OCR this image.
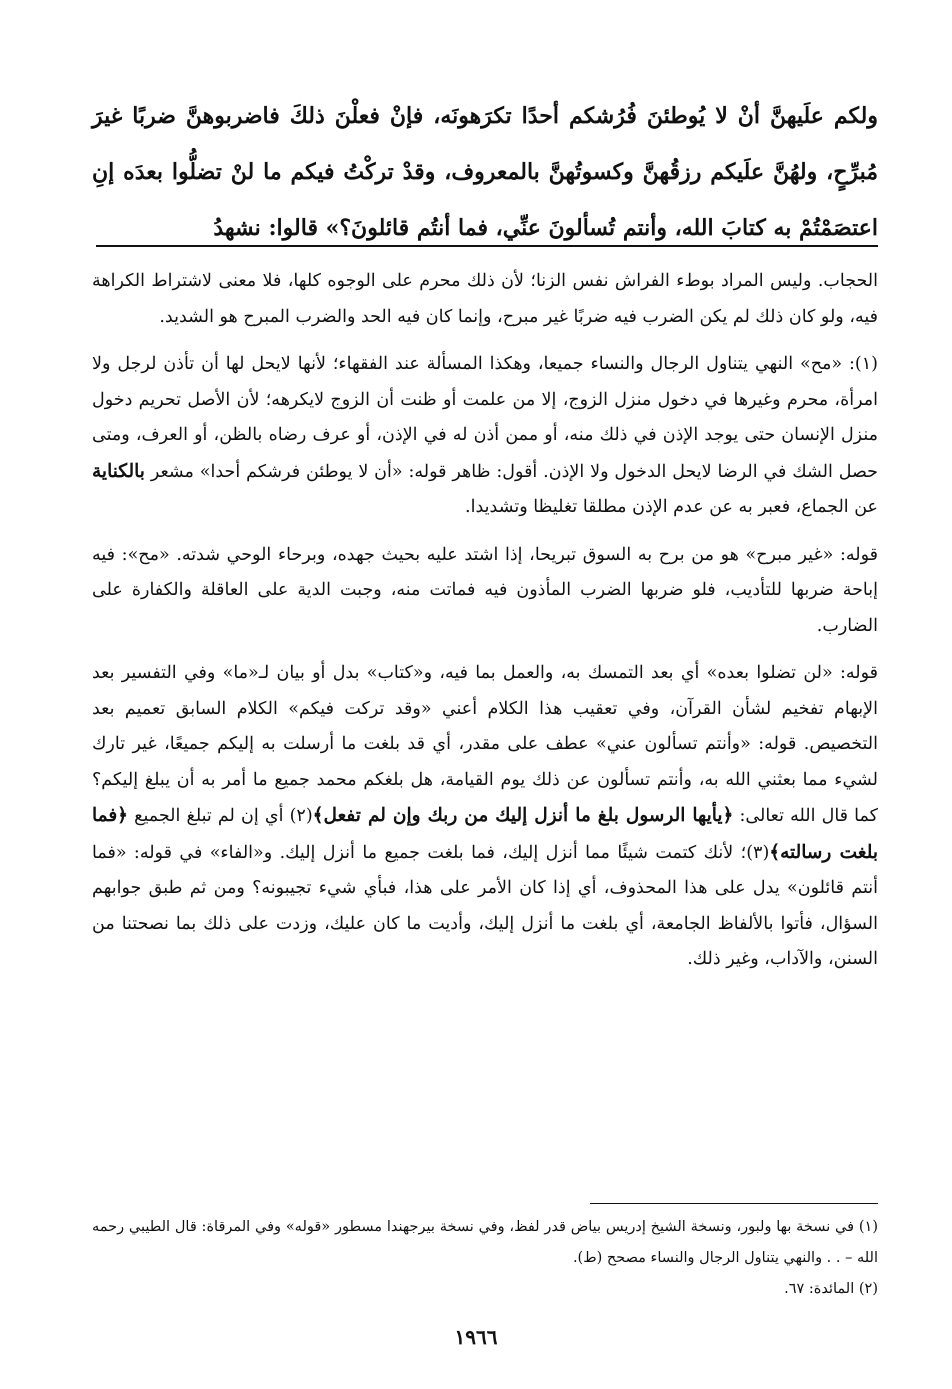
ولكم علَيهنَّ أنْ لا يُوطئنَ فُرُشكم أحدًا تكرَهونَه، فإنْ فعلْنَ ذلكَ فاضربوهنَّ ضربًا غيرَ مُبرِّحٍ، ولهُنَّ علَيكم رزقُهنَّ وكسوتُهنَّ بالمعروف، وقدْ تركْتُ فيكم ما لنْ تضلُّوا بعدَه إنِ اعتصَمْتُمْ به كتابَ الله، وأنتم تُسألونَ عنِّي، فما أنتُم قائلونَ؟» قالوا: نشهدُ

الحجاب. وليس المراد بوطء الفراش نفس الزنا؛ لأن ذلك محرم على الوجوه كلها، فلا معنى لاشتراط الكراهة فيه، ولو كان ذلك لم يكن الضرب فيه ضربًا غير مبرح، وإنما كان فيه الحد والضرب المبرح هو الشديد.

(١): «مح» النهي يتناول الرجال والنساء جميعا، وهكذا المسألة عند الفقهاء؛ لأنها لايحل لها أن تأذن لرجل ولا امرأة، محرم وغيرها في دخول منزل الزوج، إلا من علمت أو ظنت أن الزوج لايكرهه؛ لأن الأصل تحريم دخول منزل الإنسان حتى يوجد الإذن في ذلك منه، أو ممن أذن له في الإذن، أو عرف رضاه بالظن، أو العرف، ومتى حصل الشك في الرضا لايحل الدخول ولا الإذن. أقول: ظاهر قوله: «أن لا يوطئن فرشكم أحدا» مشعر بالكناية عن الجماع، فعبر به عن عدم الإذن مطلقا تغليظا وتشديدا.

قوله: «غير مبرح» هو من برح به السوق تبريحا، إذا اشتد عليه بحيث جهده، وبرحاء الوحي شدته. «مح»: فيه إباحة ضربها للتأديب، فلو ضربها الضرب المأذون فيه فماتت منه، وجبت الدية على العاقلة والكفارة على الضارب.

قوله: «لن تضلوا بعده» أي بعد التمسك به، والعمل بما فيه، و«كتاب» بدل أو بيان لـ«ما» وفي التفسير بعد الإبهام تفخيم لشأن القرآن، وفي تعقيب هذا الكلام أعني «وقد تركت فيكم» الكلام السابق تعميم بعد التخصيص. قوله: «وأنتم تسألون عني» عطف على مقدر، أي قد بلغت ما أرسلت به إليكم جميعًا، غير تارك لشيء مما بعثني الله به، وأنتم تسألون عن ذلك يوم القيامة، هل بلغكم محمد جميع ما أمر به أن يبلغ إليكم؟ كما قال الله تعالى: ﴿يأيها الرسول بلغ ما أنزل إليك من ربك وإن لم تفعل﴾(٢) أي إن لم تبلغ الجميع ﴿فما بلغت رسالته﴾(٣)؛ لأنك كتمت شيئًا مما أنزل إليك، فما بلغت جميع ما أنزل إليك. و«الفاء» في قوله: «فما أنتم قائلون» يدل على هذا المحذوف، أي إذا كان الأمر على هذا، فبأي شيء تجيبونه؟ ومن ثم طبق جوابهم السؤال، فأتوا بالألفاظ الجامعة، أي بلغت ما أنزل إليك، وأديت ما كان عليك، وزدت على ذلك بما نصحتنا من السنن، والآداب، وغير ذلك.

(١) في نسخة بها ولبور، ونسخة الشيخ إدريس بياض قدر لفظ، وفي نسخة بيرجهندا مسطور «قوله» وفي المرقاة: قال الطيبي رحمه الله – . . والنهي يتناول الرجال والنساء مصحح (ط).

(٢) المائدة: ٦٧.

١٩٦٦
